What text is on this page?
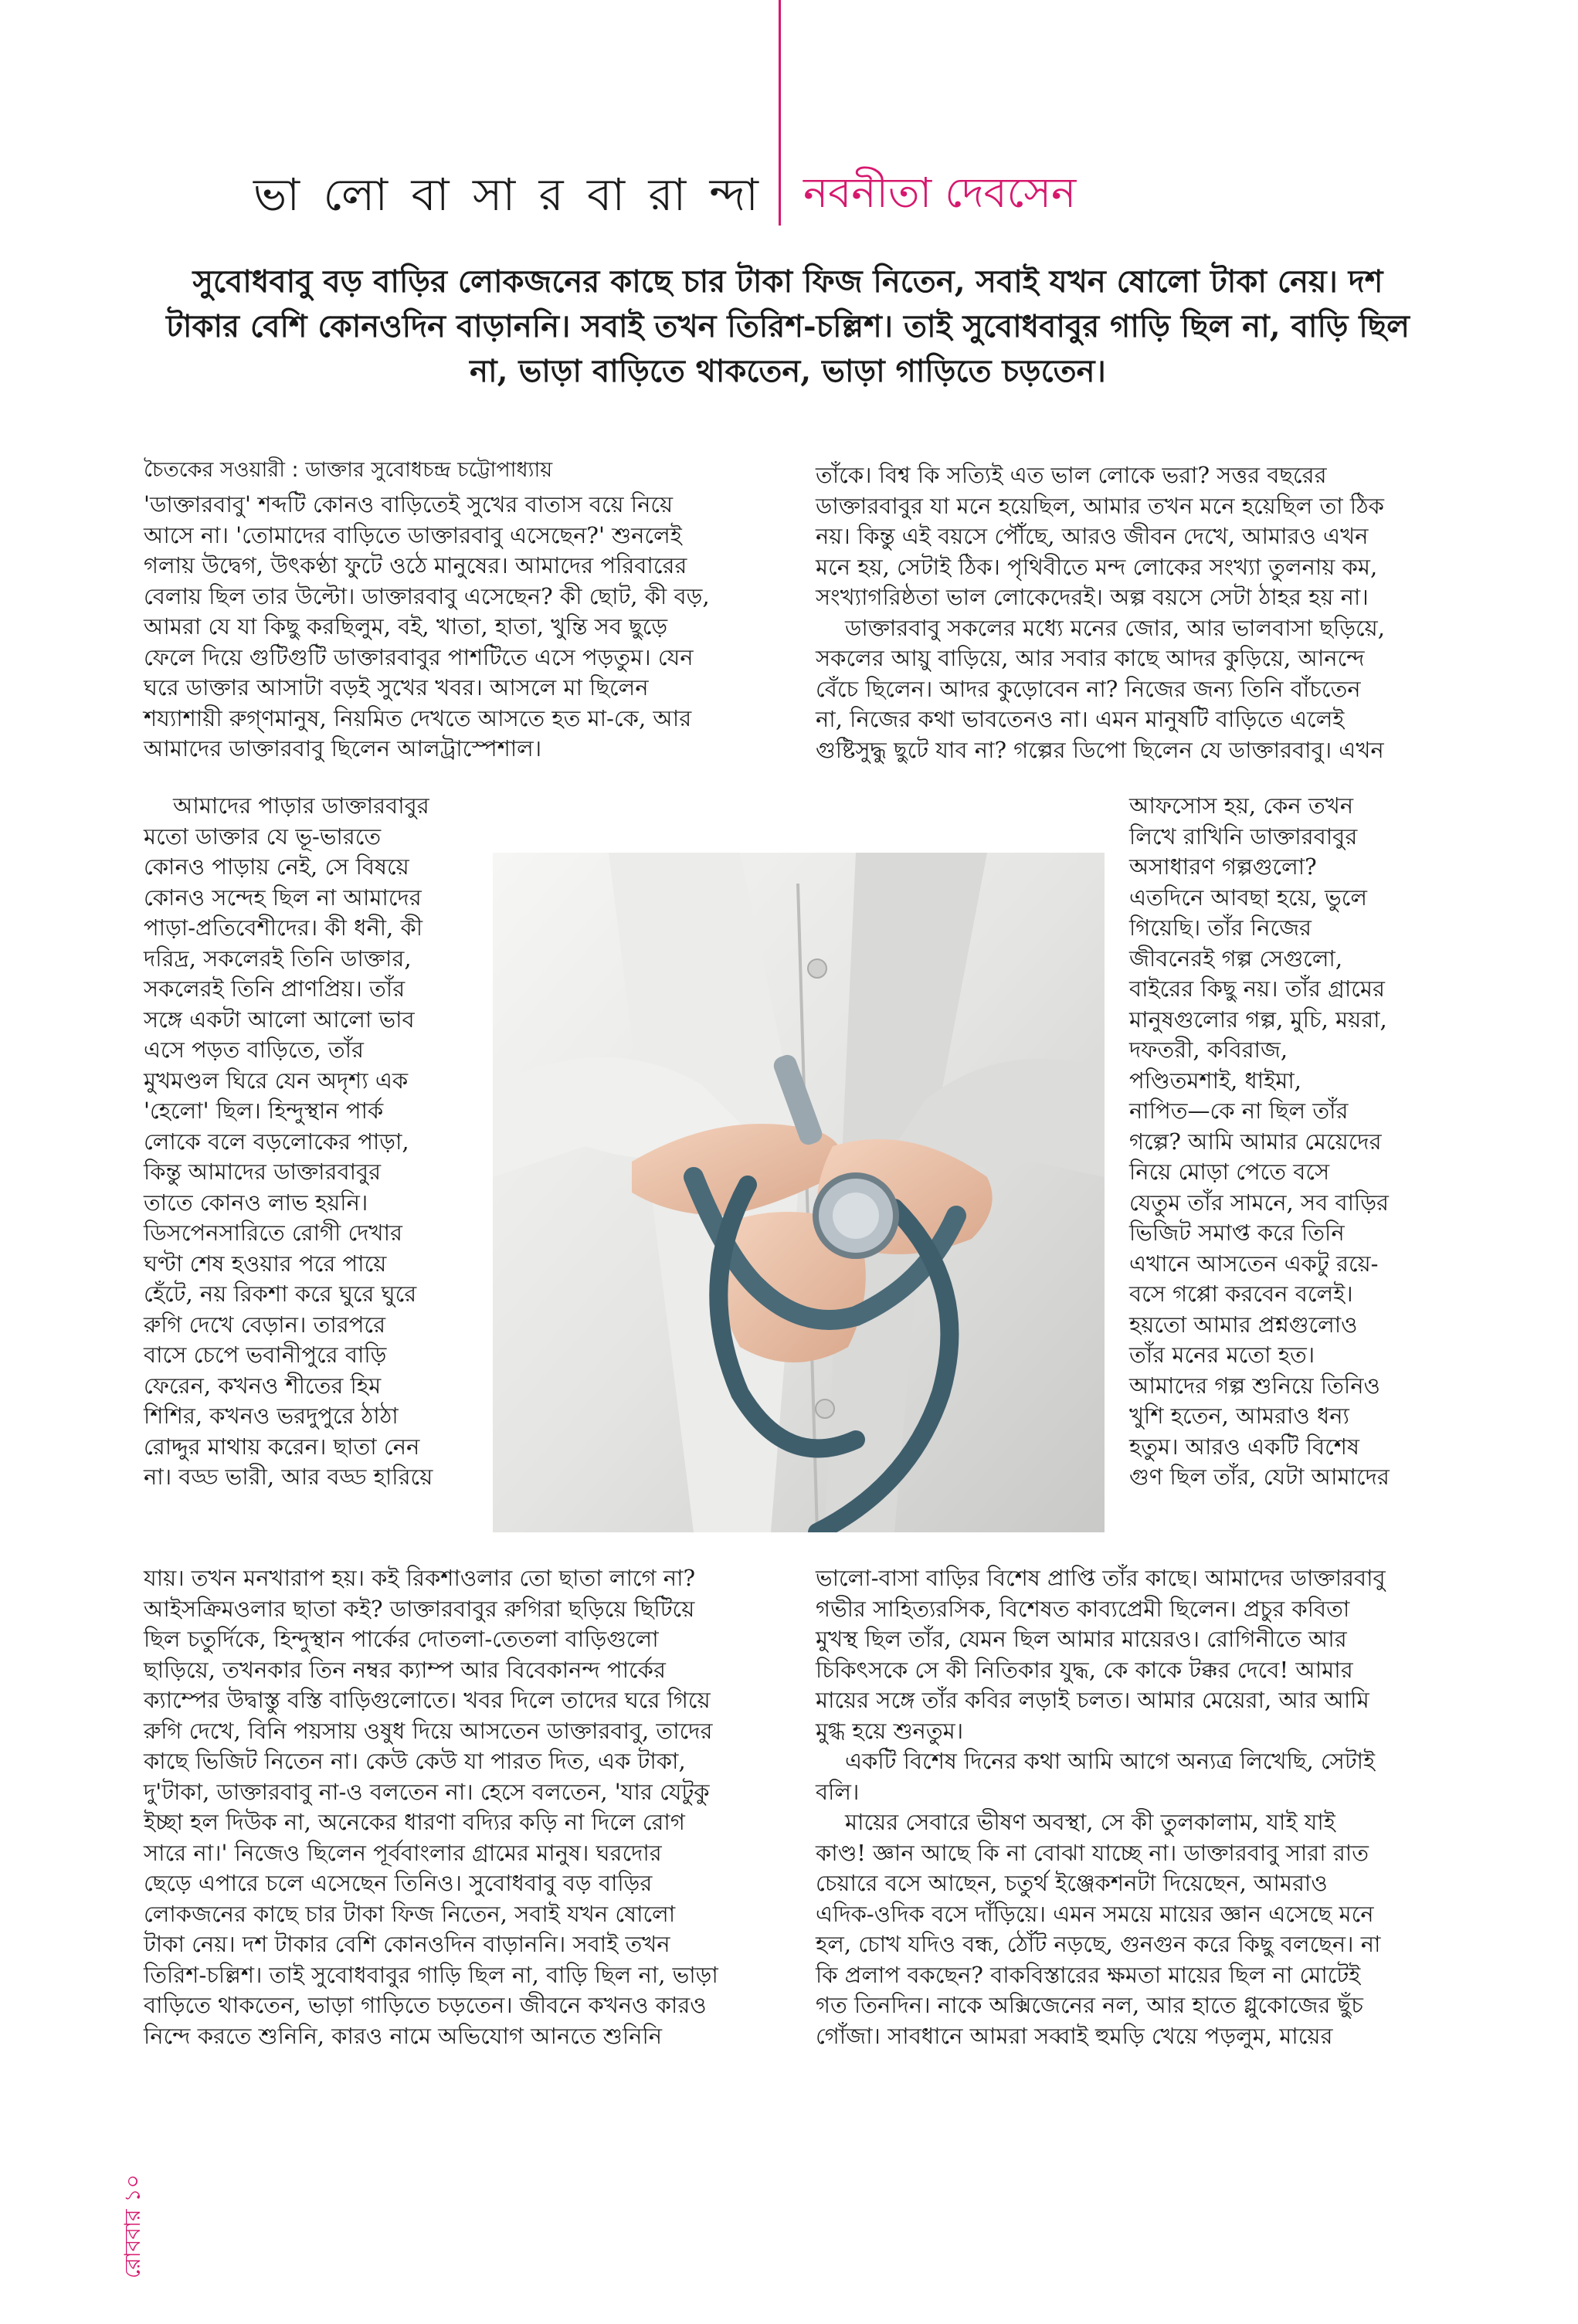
ভা লো বা সা র বা রা ন্দা নবনীতা দেবসেন

সুবোধবাবু বড় বাড়ির লোকজনের কাছে চার টাকা ফিজ নিতেন, সবাই যখন ষোলো টাকা নেয়। দশ

টাকার বেশি কোনওদিন বাড়াননি। সবাই তখন তিরিশ-চল্লিশ। তাই সুবোধবাবুর গাড়ি ছিল না, বাড়ি ছিল

না, ভাড়া বাড়িতে থাকতেন, ভাড়া গাড়িতে চড়তেন।

চৈতকের সওয়ারী : ডাক্তার সুবোধচন্দ্র চট্টোপাধ্যায়
'ডাক্তারবাবু' শব্দটি কোনও বাড়িতেই সুখের বাতাস বয়ে নিয়ে
আসে না। 'তোমাদের বাড়িতে ডাক্তারবাবু এসেছেন?' শুনলেই
গলায় উদ্বেগ, উৎকণ্ঠা ফুটে ওঠে মানুষের। আমাদের পরিবারের
বেলায় ছিল তার উল্টো। ডাক্তারবাবু এসেছেন? কী ছোট, কী বড়,
আমরা যে যা কিছু করছিলুম, বই, খাতা, হাতা, খুন্তি সব ছুড়ে
ফেলে দিয়ে গুটিগুটি ডাক্তারবাবুর পাশটিতে এসে পড়তুম। যেন
ঘরে ডাক্তার আসাটা বড়ই সুখের খবর। আসলে মা ছিলেন
শয্যাশায়ী রুগ্ণমানুষ, নিয়মিত দেখতে আসতে হত মা-কে, আর
আমাদের ডাক্তারবাবু ছিলেন আলট্রাস্পেশাল।
আমাদের পাড়ার ডাক্তারবাবুর
মতো ডাক্তার যে ভূ-ভারতে
কোনও পাড়ায় নেই, সে বিষয়ে
কোনও সন্দেহ ছিল না আমাদের
পাড়া-প্রতিবেশীদের। কী ধনী, কী
দরিদ্র, সকলেরই তিনি ডাক্তার,
সকলেরই তিনি প্রাণপ্রিয়। তাঁর
সঙ্গে একটা আলো আলো ভাব
এসে পড়ত বাড়িতে, তাঁর
মুখমণ্ডল ঘিরে যেন অদৃশ্য এক
'হেলো' ছিল। হিন্দুস্থান পার্ক
লোকে বলে বড়লোকের পাড়া,
কিন্তু আমাদের ডাক্তারবাবুর
তাতে কোনও লাভ হয়নি।
ডিসপেনসারিতে রোগী দেখার
ঘণ্টা শেষ হওয়ার পরে পায়ে
হেঁটে, নয় রিকশা করে ঘুরে ঘুরে
রুগি দেখে বেড়ান। তারপরে
বাসে চেপে ভবানীপুরে বাড়ি
ফেরেন, কখনও শীতের হিম
শিশির, কখনও ভরদুপুরে ঠাঠা
রোদ্দুর মাথায় করেন। ছাতা নেন
না। বড্ড ভারী, আর বড্ড হারিয়ে
যায়। তখন মনখারাপ হয়। কই রিকশাওলার তো ছাতা লাগে না?
আইসক্রিমওলার ছাতা কই? ডাক্তারবাবুর রুগিরা ছড়িয়ে ছিটিয়ে
ছিল চতুর্দিকে, হিন্দুস্থান পার্কের দোতলা-তেতলা বাড়িগুলো
ছাড়িয়ে, তখনকার তিন নম্বর ক্যাম্প আর বিবেকানন্দ পার্কের
ক্যাম্পের উদ্বাস্তু বস্তি বাড়িগুলোতে। খবর দিলে তাদের ঘরে গিয়ে
রুগি দেখে, বিনি পয়সায় ওষুধ দিয়ে আসতেন ডাক্তারবাবু, তাদের
কাছে ভিজিট নিতেন না। কেউ কেউ যা পারত দিত, এক টাকা,
দু'টাকা, ডাক্তারবাবু না-ও বলতেন না। হেসে বলতেন, 'যার যেটুকু
ইচ্ছা হল দিউক না, অনেকের ধারণা বদ্যির কড়ি না দিলে রোগ
সারে না।' নিজেও ছিলেন পূর্ববাংলার গ্রামের মানুষ। ঘরদোর
ছেড়ে এপারে চলে এসেছেন তিনিও। সুবোধবাবু বড় বাড়ির
লোকজনের কাছে চার টাকা ফিজ নিতেন, সবাই যখন ষোলো
টাকা নেয়। দশ টাকার বেশি কোনওদিন বাড়াননি। সবাই তখন
তিরিশ-চল্লিশ। তাই সুবোধবাবুর গাড়ি ছিল না, বাড়ি ছিল না, ভাড়া
বাড়িতে থাকতেন, ভাড়া গাড়িতে চড়তেন। জীবনে কখনও কারও
নিন্দে করতে শুনিনি, কারও নামে অভিযোগ আনতে শুনিনি
তাঁকে। বিশ্ব কি সত্যিই এত ভাল লোকে ভরা? সত্তর বছরের
ডাক্তারবাবুর যা মনে হয়েছিল, আমার তখন মনে হয়েছিল তা ঠিক
নয়। কিন্তু এই বয়সে পৌঁছে, আরও জীবন দেখে, আমারও এখন
মনে হয়, সেটাই ঠিক। পৃথিবীতে মন্দ লোকের সংখ্যা তুলনায় কম,
সংখ্যাগরিষ্ঠতা ভাল লোকেদেরই। অল্প বয়সে সেটা ঠাহর হয় না।
ডাক্তারবাবু সকলের মধ্যে মনের জোর, আর ভালবাসা ছড়িয়ে,
সকলের আয়ু বাড়িয়ে, আর সবার কাছে আদর কুড়িয়ে, আনন্দে
বেঁচে ছিলেন। আদর কুড়োবেন না? নিজের জন্য তিনি বাঁচতেন
না, নিজের কথা ভাবতেনও না। এমন মানুষটি বাড়িতে এলেই
গুষ্টিসুদ্ধু ছুটে যাব না? গল্পের ডিপো ছিলেন যে ডাক্তারবাবু। এখন
আফসোস হয়, কেন তখন
লিখে রাখিনি ডাক্তারবাবুর
অসাধারণ গল্পগুলো?
এতদিনে আবছা হয়ে, ভুলে
গিয়েছি। তাঁর নিজের
জীবনেরই গল্প সেগুলো,
বাইরের কিছু নয়। তাঁর গ্রামের
মানুষগুলোর গল্প, মুচি, ময়রা,
দফতরী, কবিরাজ,
পণ্ডিতমশাই, ধাইমা,
নাপিত—কে না ছিল তাঁর
গল্পে? আমি আমার মেয়েদের
নিয়ে মোড়া পেতে বসে
যেতুম তাঁর সামনে, সব বাড়ির
ভিজিট সমাপ্ত করে তিনি
এখানে আসতেন একটু রয়ে-
বসে গপ্পো করবেন বলেই।
হয়তো আমার প্রশ্নগুলোও
তাঁর মনের মতো হত।
আমাদের গল্প শুনিয়ে তিনিও
খুশি হতেন, আমরাও ধন্য
হতুম। আরও একটি বিশেষ
গুণ ছিল তাঁর, যেটা আমাদের
ভালো-বাসা বাড়ির বিশেষ প্রাপ্তি তাঁর কাছে। আমাদের ডাক্তারবাবু
গভীর সাহিত্যরসিক, বিশেষত কাব্যপ্রেমী ছিলেন। প্রচুর কবিতা
মুখস্থ ছিল তাঁর, যেমন ছিল আমার মায়েরও। রোগিনীতে আর
চিকিৎসকে সে কী নিতিকার যুদ্ধ, কে কাকে টক্কর দেবে! আমার
মায়ের সঙ্গে তাঁর কবির লড়াই চলত। আমার মেয়েরা, আর আমি
মুগ্ধ হয়ে শুনতুম।
একটি বিশেষ দিনের কথা আমি আগে অন্যত্র লিখেছি, সেটাই
বলি।
মায়ের সেবারে ভীষণ অবস্থা, সে কী তুলকালাম, যাই যাই
কাণ্ড! জ্ঞান আছে কি না বোঝা যাচ্ছে না। ডাক্তারবাবু সারা রাত
চেয়ারে বসে আছেন, চতুর্থ ইঞ্জেকশনটা দিয়েছেন, আমরাও
এদিক-ওদিক বসে দাঁড়িয়ে। এমন সময়ে মায়ের জ্ঞান এসেছে মনে
হল, চোখ যদিও বন্ধ, ঠোঁট নড়ছে, গুনগুন করে কিছু বলছেন। না
কি প্রলাপ বকছেন? বাকবিস্তারের ক্ষমতা মায়ের ছিল না মোটেই
গত তিনদিন। নাকে অক্সিজেনের নল, আর হাতে গ্লুকোজের ছুঁচ
গোঁজা। সাবধানে আমরা সব্বাই হুমড়ি খেয়ে পড়লুম, মায়ের
রোববার ১০
